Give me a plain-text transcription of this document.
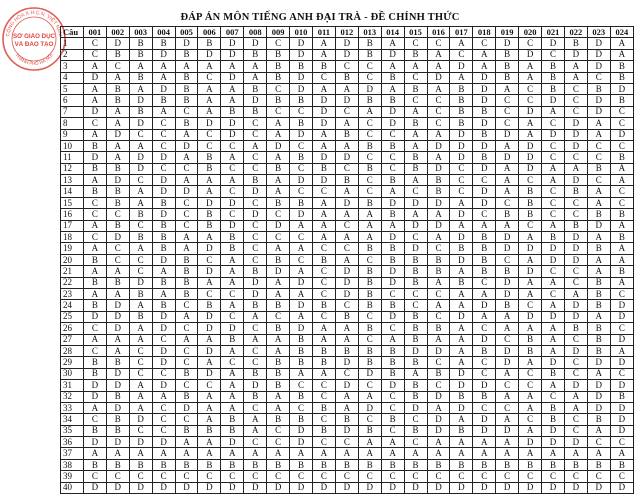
ĐÁP ÁN MÔN TIẾNG ANH ĐẠI TRÀ - ĐỀ CHÍNH THỨC
CỘNG HÒA X.H.C.N. VIỆT NAM
THÀNH PHỐ HÀ NỘI
SỞ GIÁO DỤC
VÀ ĐÀO TẠO
Câu	001	002	003	004	005	006	007	008	009	010	011	012	013	014	015	016	017	018	019	020	021	022	023	024
1	C	D	B	B	D	B	D	D	C	D	A	D	B	A	C	C	A	C	D	C	D	B	D	A
2	C	B	B	D	B	D	D	B	B	D	A	D	B	D	B	A	C	A	B	D	C	D	D	A
3	A	C	A	A	A	A	A	A	B	B	B	C	C	A	A	A	D	A	B	A	B	A	D	B
4	D	A	B	A	B	C	D	A	B	D	C	B	C	B	C	D	A	D	B	A	B	A	C	B
5	A	B	A	D	B	A	A	B	C	D	A	A	D	A	B	A	B	D	A	C	B	C	B	D
6	A	B	D	B	B	A	A	D	B	B	D	D	B	B	C	C	B	D	C	C	D	C	D	B
7	D	A	B	A	C	A	B	B	C	C	D	C	A	D	A	C	B	B	C	D	A	C	D	C
8	C	A	D	C	B	D	D	C	A	B	D	A	C	D	B	C	B	D	C	A	C	D	A	C
9	A	D	C	C	A	C	D	C	A	D	A	B	C	C	A	A	D	B	D	A	D	D	A	D
10	B	A	A	C	D	C	C	A	D	C	A	A	B	B	A	D	D	D	A	D	C	D	C	C
11	D	A	D	D	A	B	A	C	A	B	D	D	C	C	B	A	D	B	D	D	C	C	C	B
12	B	B	D	C	C	B	C	C	B	C	B	C	B	C	B	D	C	D	A	D	A	A	B	A
13	A	D	C	D	A	A	A	B	A	D	D	B	C	B	A	B	C	C	A	C	A	D	C	A
14	B	B	A	D	D	A	C	D	A	C	C	A	C	A	C	B	C	D	A	B	C	B	A	C
15	C	B	A	B	C	D	D	C	B	B	A	D	B	D	D	D	A	D	C	B	C	C	A	C
16	C	C	B	D	C	B	C	D	C	D	A	A	A	B	A	A	D	C	B	B	C	C	B	B
17	A	B	C	B	C	B	D	C	D	A	A	C	A	A	D	D	A	A	A	C	A	B	D	A
18	C	D	B	B	A	A	B	C	C	C	A	A	A	D	C	A	D	B	D	A	B	D	A	B
19	A	C	A	B	A	D	B	C	A	A	C	C	B	B	D	C	B	B	D	D	D	D	B	A
20	B	C	C	D	B	C	A	C	B	C	B	A	C	B	B	B	D	B	C	A	D	D	A	A
21	A	A	C	A	B	D	A	B	D	A	C	D	B	D	B	B	A	B	B	D	C	C	A	B
22	B	B	D	B	B	A	A	D	A	D	C	D	B	D	B	A	B	C	D	A	A	C	B	A
23	A	A	B	A	B	C	C	D	A	A	C	D	B	C	C	C	A	A	D	A	C	A	B	C
24	B	D	A	B	C	B	A	B	B	D	B	C	B	B	C	A	A	D	B	C	A	D	B	D
25	D	D	B	D	A	D	C	A	C	A	C	B	C	D	B	C	D	A	A	D	D	D	A	D
26	C	D	A	D	C	D	D	C	B	D	A	A	B	C	B	B	A	C	A	A	A	B	B	C
27	A	A	A	C	A	A	B	A	A	B	A	A	C	A	B	A	A	D	C	B	A	C	B	D
28	C	A	C	D	C	D	A	C	A	B	B	B	B	B	D	D	A	B	D	B	A	D	B	A
29	B	B	C	D	C	A	C	C	B	B	B	D	B	B	B	C	A	C	D	A	D	C	D	D
30	B	D	C	C	B	D	A	B	B	A	A	C	D	B	A	B	D	C	A	C	B	C	A	C
31	D	D	A	D	C	C	A	D	B	C	C	D	C	D	B	C	D	D	C	C	A	D	D	D
32	D	B	A	A	B	A	A	B	A	B	C	A	A	C	B	D	B	B	A	A	C	A	D	B
33	A	D	A	C	D	A	A	C	A	C	B	A	D	C	D	A	D	C	C	A	B	A	D	D
34	C	B	D	C	C	A	B	A	B	B	C	B	C	B	C	D	A	D	A	C	B	C	B	D
35	B	B	C	C	B	B	B	A	C	D	B	D	B	C	B	D	B	D	D	A	D	C	A	D
36	D	D	D	D	A	A	D	C	C	D	C	C	A	A	C	A	A	A	A	D	D	D	C	C
37	A	A	A	A	A	A	A	A	A	A	A	A	A	A	A	A	A	A	A	A	A	A	A	A
38	B	B	B	B	B	B	B	B	B	B	B	B	B	B	B	B	B	B	B	B	B	B	B	B
39	C	C	C	C	C	C	C	C	C	C	C	C	C	C	C	C	C	C	C	C	C	C	C	C
40	D	D	D	D	D	D	D	D	D	D	D	D	D	D	D	D	D	D	D	D	D	D	D	D
